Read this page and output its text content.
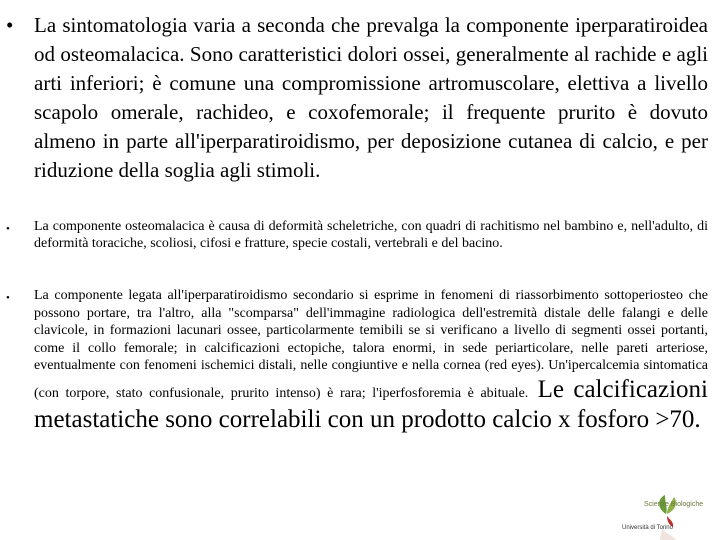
• La sintomatologia varia a seconda che prevalga la componente iperparatiroidea od osteomalacica. Sono caratteristici dolori ossei, generalmente al rachide e agli arti inferiori; è comune una compromissione artromuscolare, elettiva a livello scapolo omerale, rachideo, e coxofemorale; il frequente prurito è dovuto almeno in parte all'iperparatiroidismo, per deposizione cutanea di calcio, e per riduzione della soglia agli stimoli.
• La componente osteomalacica è causa di deformità scheletriche, con quadri di rachitismo nel bambino e, nell'adulto, di deformità toraciche, scoliosi, cifosi e fratture, specie costali, vertebrali e del bacino.
• La componente legata all'iperparatiroidismo secondario si esprime in fenomeni di riassorbimento sottoperiosteo che possono portare, tra l'altro, alla "scomparsa" dell'immagine radiologica dell'estremità distale delle falangi e delle clavicole, in formazioni lacunari ossee, particolarmente temibili se si verificano a livello di segmenti ossei portanti, come il collo femorale; in calcificazioni ectopiche, talora enormi, in sede periarticolare, nelle pareti arteriose, eventualmente con fenomeni ischemici distali, nelle congiuntive e nella cornea (red eyes). Un'ipercalcemia sintomatica (con torpore, stato confusionale, prurito intenso) è rara; l'iperfosforemia è abituale. Le calcificazioni metastatiche sono correlabili con un prodotto calcio x fosforo >70.
Scienze Biologiche
Università di Torino
